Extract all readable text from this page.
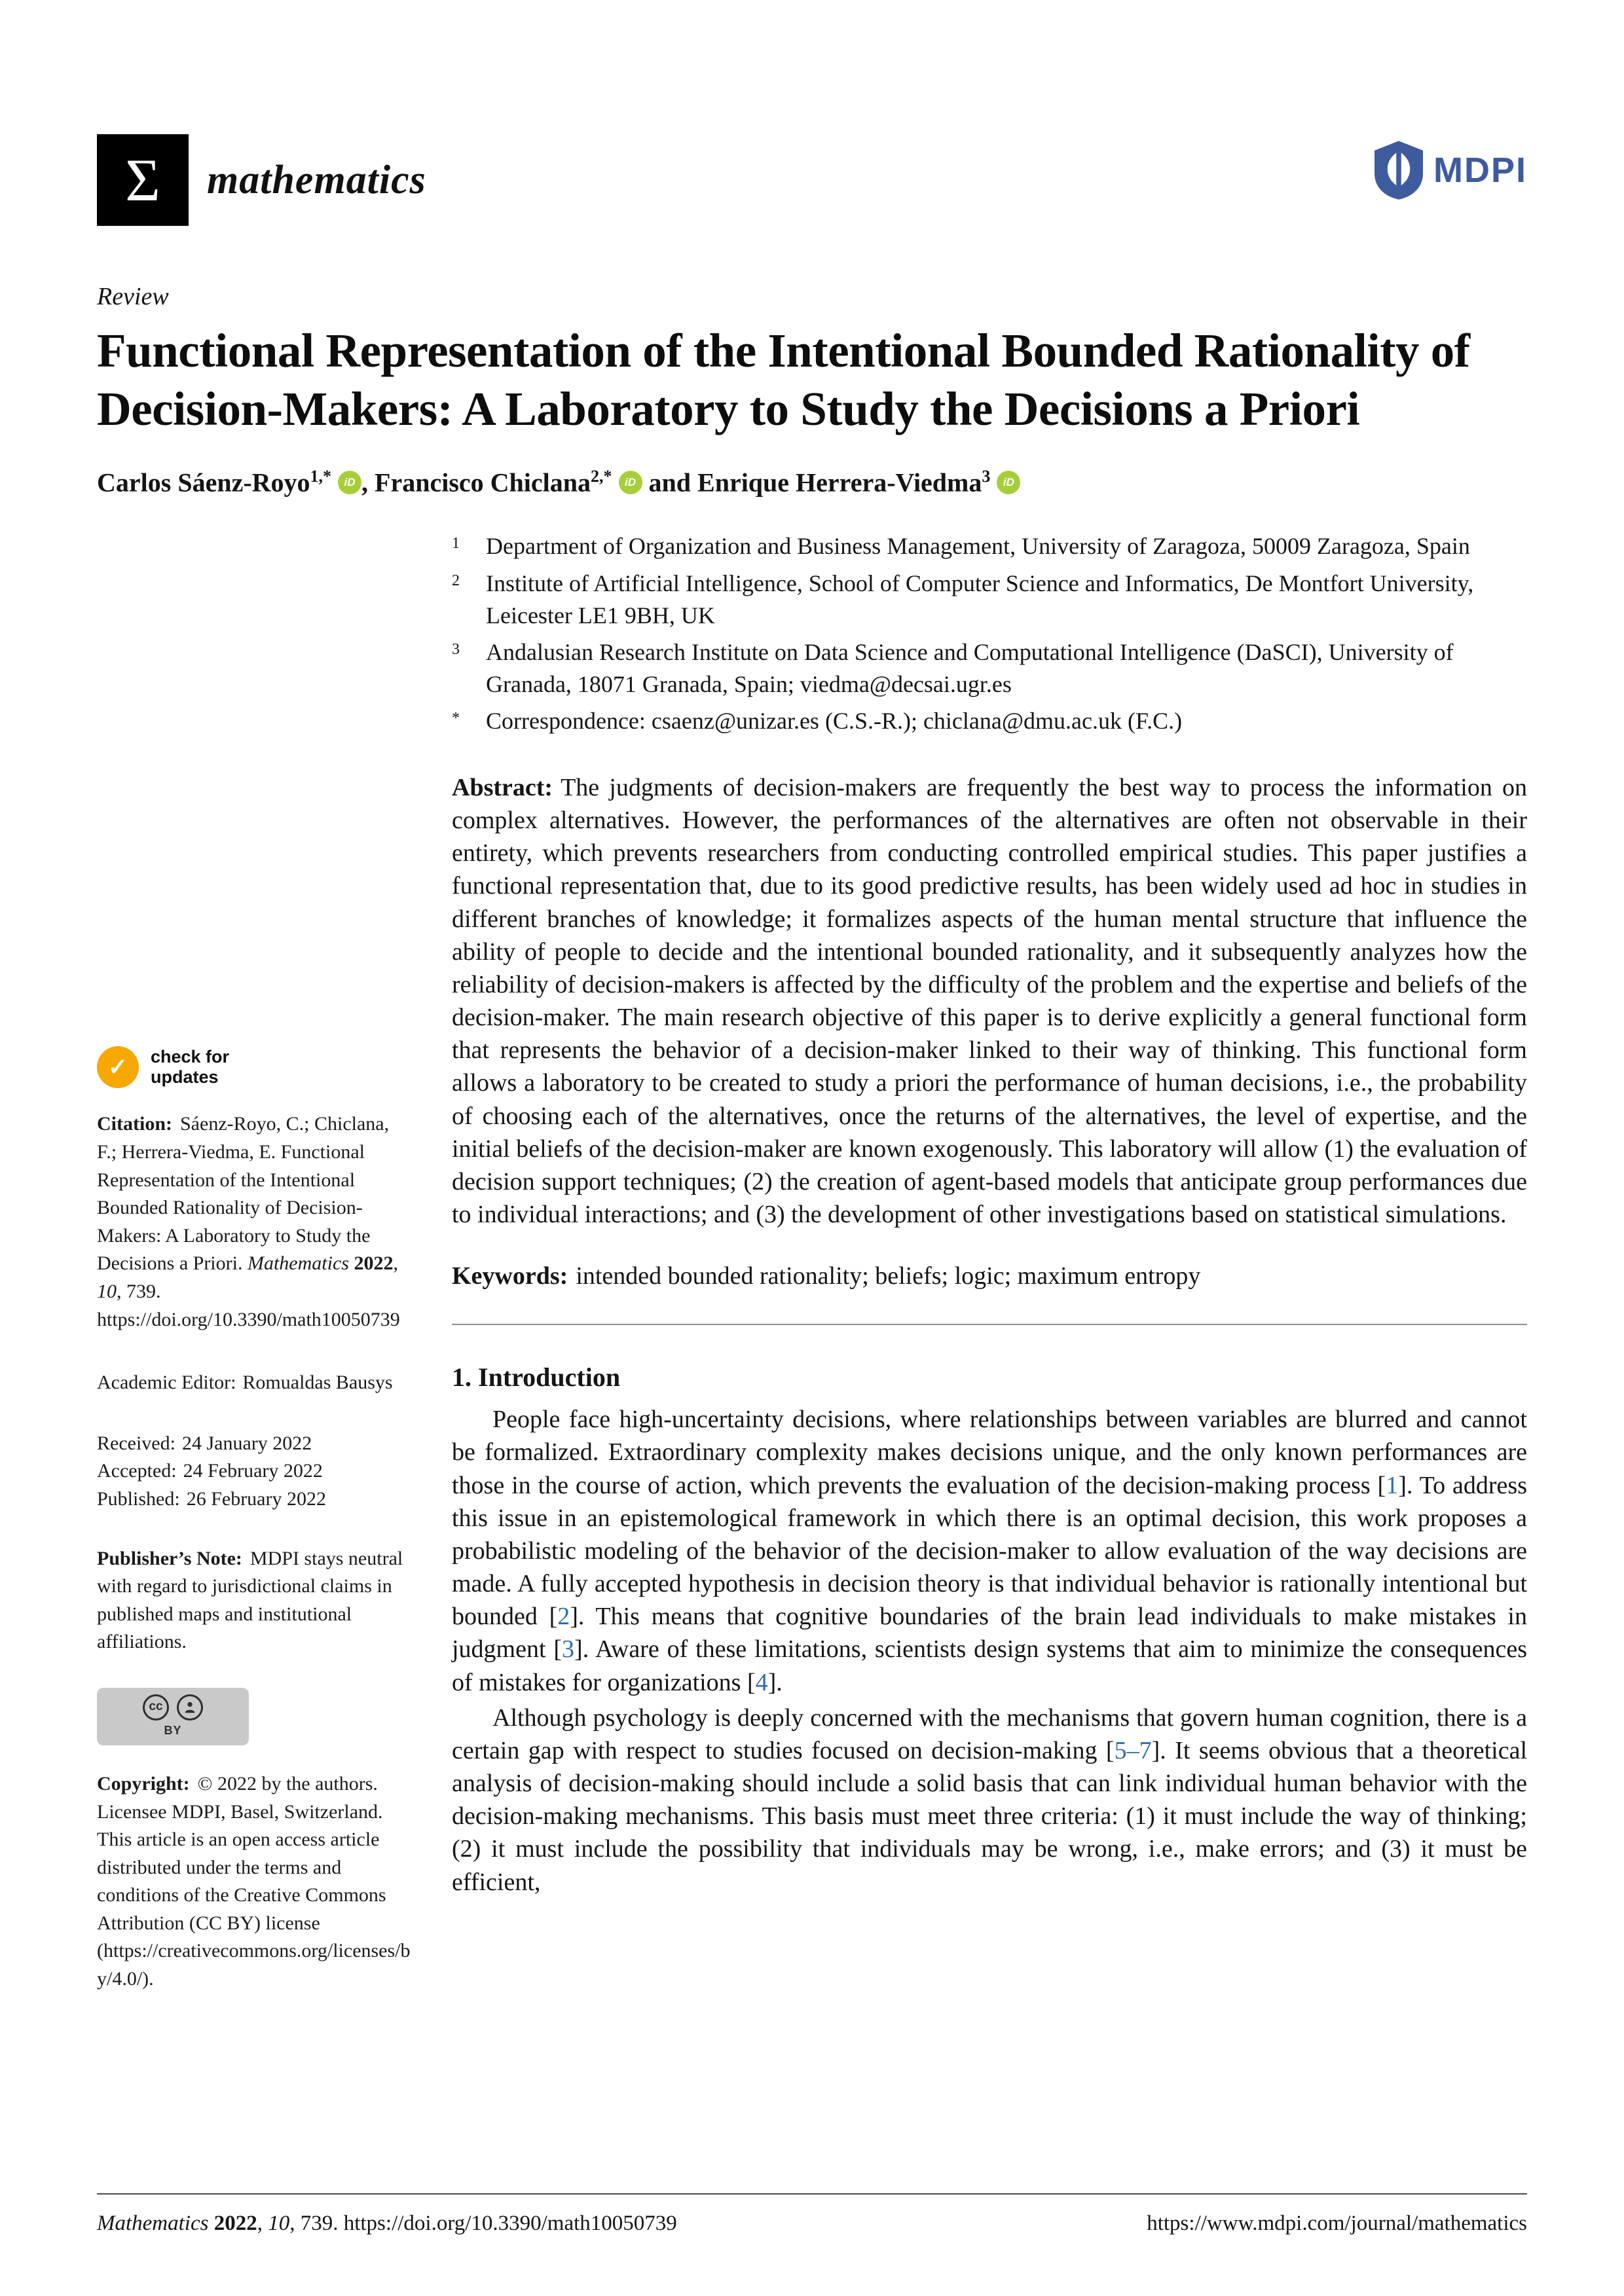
Σ mathematics	MDPI
Review
Functional Representation of the Intentional Bounded Rationality of Decision-Makers: A Laboratory to Study the Decisions a Priori
Carlos Sáenz-Royo$^{1,*}$ iD , Francisco Chiclana$^{2,*}$ iD and Enrique Herrera-Viedma$^3$ iD
✓ check for
updates

Citation: Sáenz-Royo, C.; Chiclana, F.; Herrera-Viedma, E. Functional Representation of the Intentional Bounded Rationality of Decision-Makers: A Laboratory to Study the Decisions a Priori. Mathematics 2022, 10, 739. https://doi.org/10.3390/math10050739

Academic Editor: Romualdas Bausys

Received: 24 January 2022
Accepted: 24 February 2022
Published: 26 February 2022

Publisher’s Note: MDPI stays neutral with regard to jurisdictional claims in published maps and institutional affiliations.

cc
BY

Copyright: © 2022 by the authors. Licensee MDPI, Basel, Switzerland. This article is an open access article distributed under the terms and conditions of the Creative Commons Attribution (CC BY) license (https://creativecommons.org/licenses/by/4.0/).

1	Department of Organization and Business Management, University of Zaragoza, 50009 Zaragoza, Spain
2	Institute of Artificial Intelligence, School of Computer Science and Informatics, De Montfort University, Leicester LE1 9BH, UK
3	Andalusian Research Institute on Data Science and Computational Intelligence (DaSCI), University of Granada, 18071 Granada, Spain; viedma@decsai.ugr.es
*	Correspondence: csaenz@unizar.es (C.S.-R.); chiclana@dmu.ac.uk (F.C.)

Abstract: The judgments of decision-makers are frequently the best way to process the information on complex alternatives. However, the performances of the alternatives are often not observable in their entirety, which prevents researchers from conducting controlled empirical studies. This paper justifies a functional representation that, due to its good predictive results, has been widely used ad hoc in studies in different branches of knowledge; it formalizes aspects of the human mental structure that influence the ability of people to decide and the intentional bounded rationality, and it subsequently analyzes how the reliability of decision-makers is affected by the difficulty of the problem and the expertise and beliefs of the decision-maker. The main research objective of this paper is to derive explicitly a general functional form that represents the behavior of a decision-maker linked to their way of thinking. This functional form allows a laboratory to be created to study a priori the performance of human decisions, i.e., the probability of choosing each of the alternatives, once the returns of the alternatives, the level of expertise, and the initial beliefs of the decision-maker are known exogenously. This laboratory will allow (1) the evaluation of decision support techniques; (2) the creation of agent-based models that anticipate group performances due to individual interactions; and (3) the development of other investigations based on statistical simulations.

Keywords: intended bounded rationality; beliefs; logic; maximum entropy

1. Introduction

People face high-uncertainty decisions, where relationships between variables are blurred and cannot be formalized. Extraordinary complexity makes decisions unique, and the only known performances are those in the course of action, which prevents the evaluation of the decision-making process [1]. To address this issue in an epistemological framework in which there is an optimal decision, this work proposes a probabilistic modeling of the behavior of the decision-maker to allow evaluation of the way decisions are made. A fully accepted hypothesis in decision theory is that individual behavior is rationally intentional but bounded [2]. This means that cognitive boundaries of the brain lead individuals to make mistakes in judgment [3]. Aware of these limitations, scientists design systems that aim to minimize the consequences of mistakes for organizations [4].

Although psychology is deeply concerned with the mechanisms that govern human cognition, there is a certain gap with respect to studies focused on decision-making [5–7]. It seems obvious that a theoretical analysis of decision-making should include a solid basis that can link individual human behavior with the decision-making mechanisms. This basis must meet three criteria: (1) it must include the way of thinking; (2) it must include the possibility that individuals may be wrong, i.e., make errors; and (3) it must be efficient,

Mathematics 2022, 10, 739. https://doi.org/10.3390/math10050739	https://www.mdpi.com/journal/mathematics
